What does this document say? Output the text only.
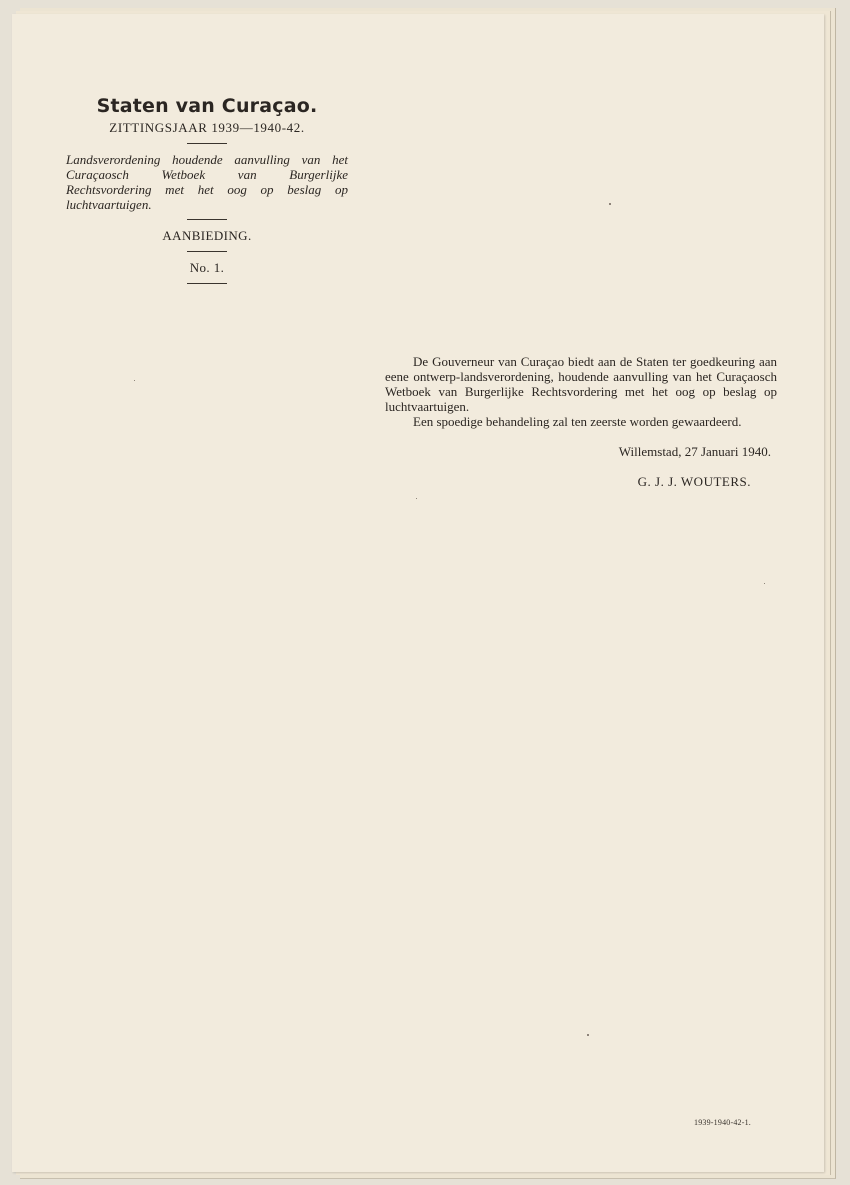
Staten van Curaçao.
ZITTINGSJAAR 1939—1940-42.

Landsverordening houdende aanvulling van het Curaçaosch Wetboek van Burgerlijke Rechtsvordering met het oog op beslag op luchtvaartuigen.

AANBIEDING.
No. 1.

De Gouverneur van Curaçao biedt aan de Staten ter goedkeuring aan eene ontwerp-landsverordening, houdende aanvulling van het Curaçaosch Wetboek van Burgerlijke Rechtsvordering met het oog op beslag op luchtvaartuigen.

Een spoedige behandeling zal ten zeerste worden gewaardeerd.

Willemstad, 27 Januari 1940.
G. J. J. WOUTERS.
1939-1940-42-1.
